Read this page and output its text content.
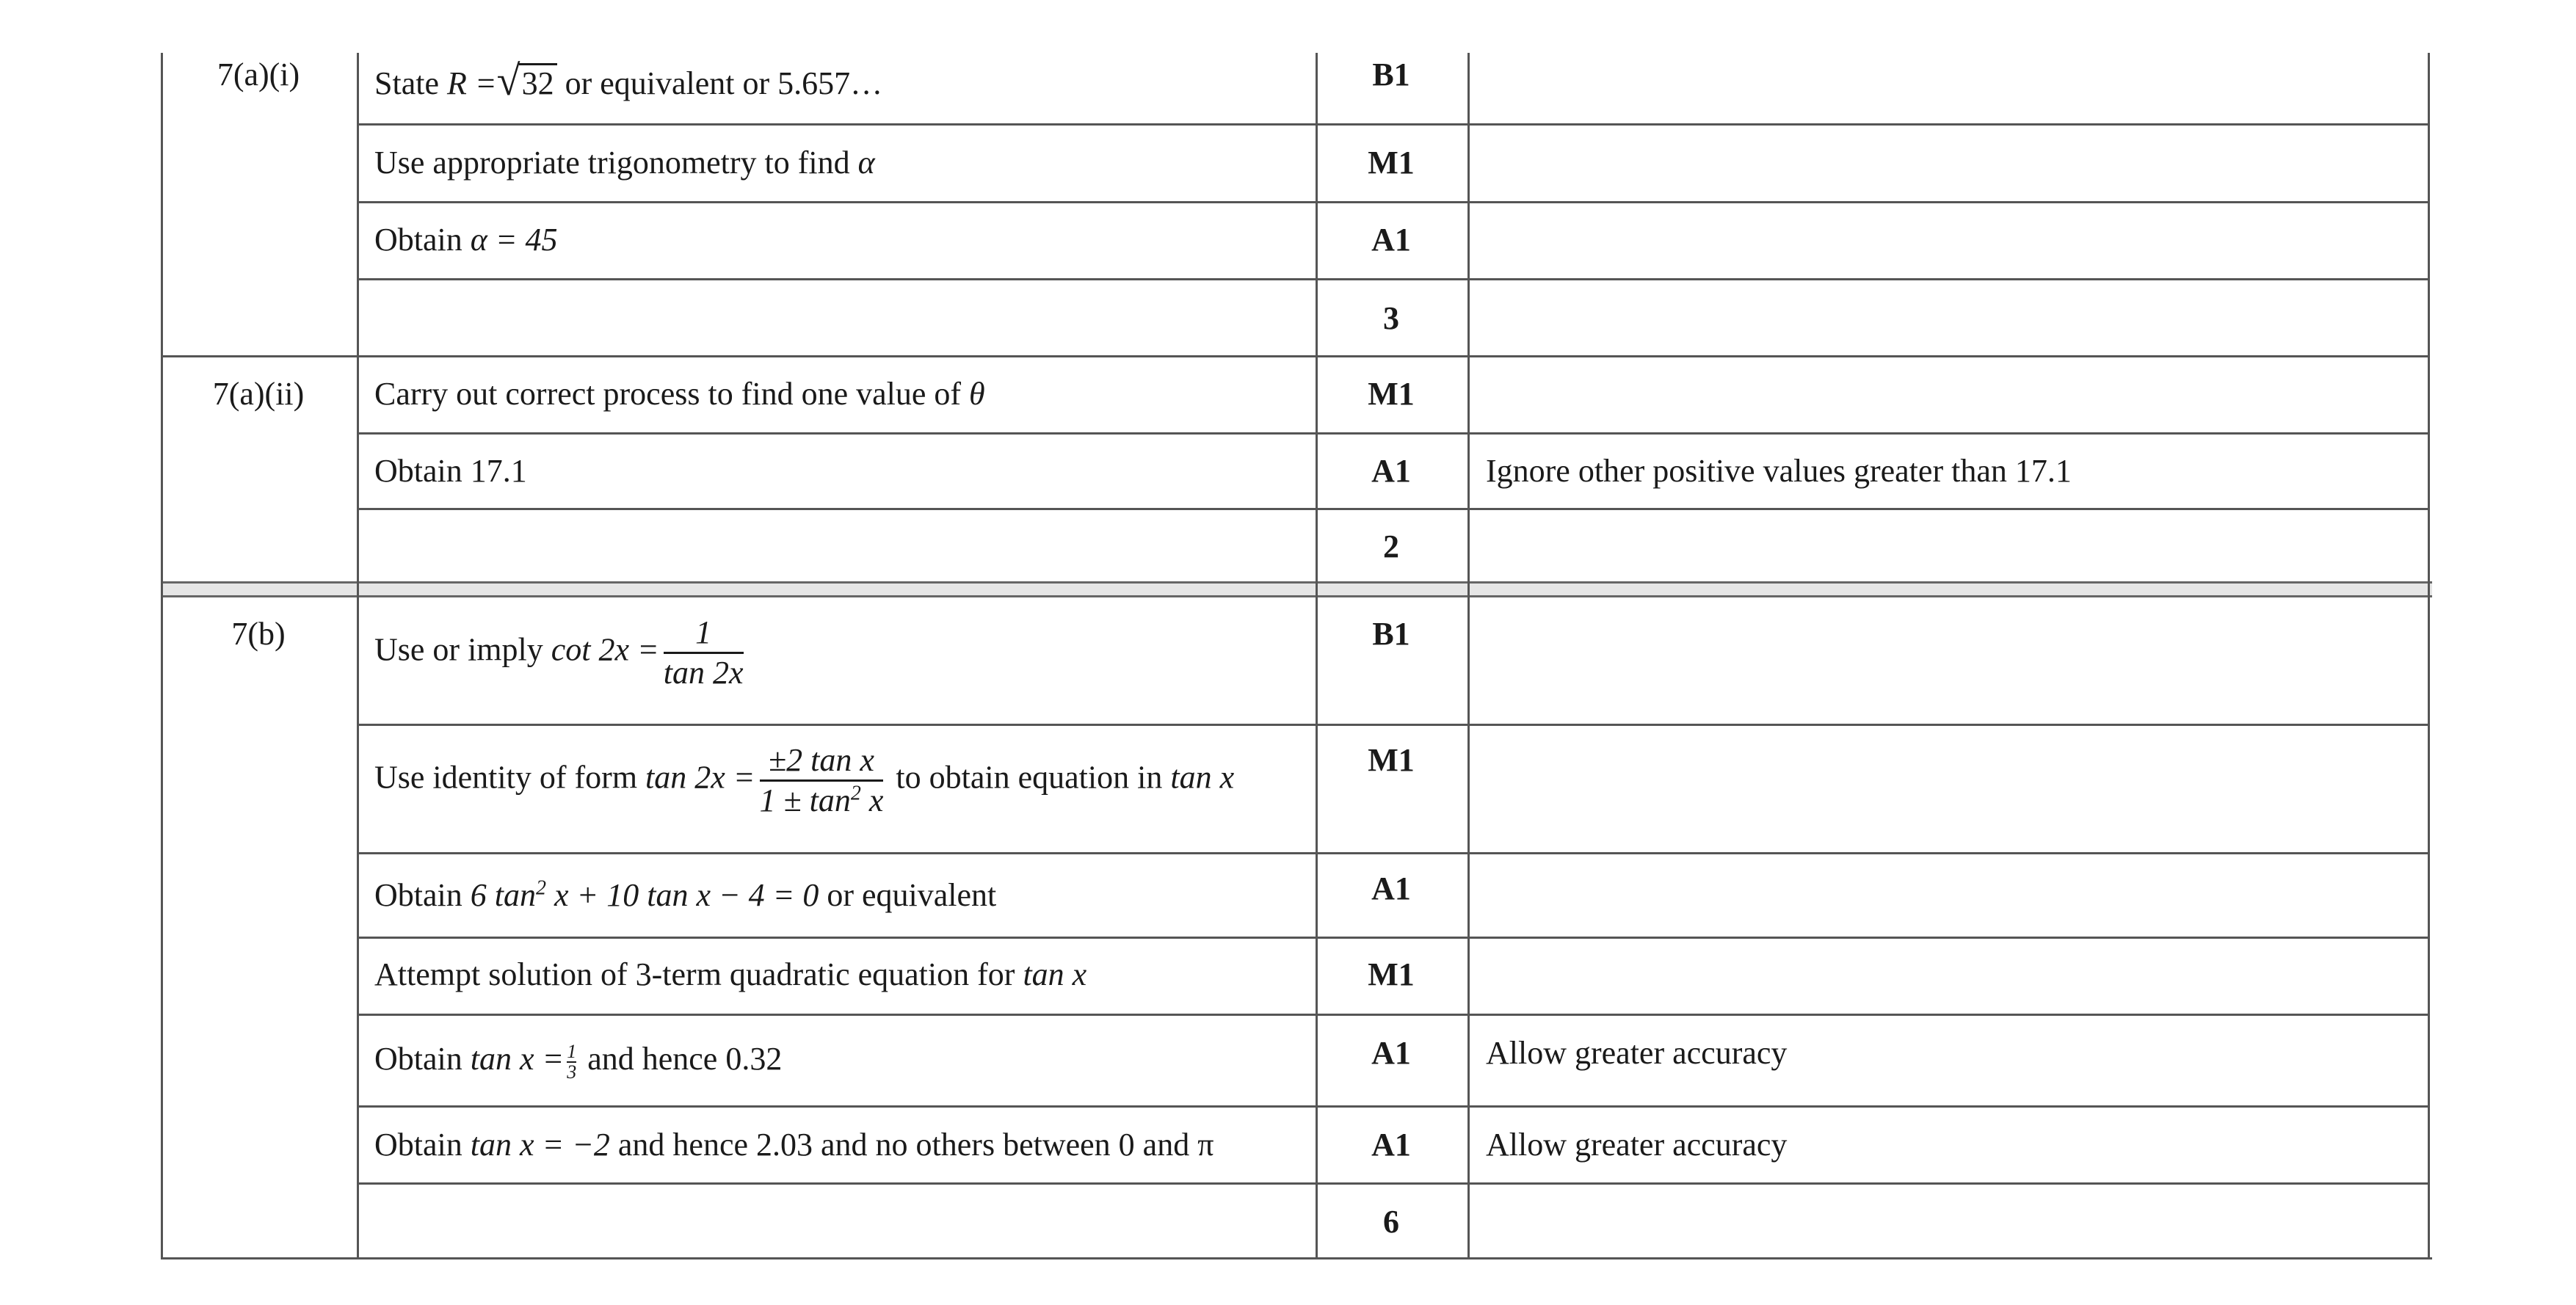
7(a)(i)	State R = √ 32 or equivalent or 5.657…	B1
Use appropriate trigonometry to find α	M1
Obtain α = 45	A1
3
7(a)(ii)	Carry out correct process to find one value of θ	M1
Obtain 17.1	A1	Ignore other positive values greater than 17.1
2
7(b)	Use or imply $\cot 2x = \frac{1}{\tan 2x}$	B1
Use identity of form $\tan 2x = \frac{\text{±2 tan x}}{1 \pm \tan^2 x}$ to obtain equation in tan x	M1
Obtain 6 $\tan^2 x + 10$ tan x − 4 = 0 or equivalent	A1
Attempt solution of 3-term quadratic equation for tan x	M1
Obtain $\tan x = \frac{1}{3}$ and hence 0.32	A1	Allow greater accuracy
Obtain tan x = −2 and hence 2.03 and no others between 0 and π	A1	Allow greater accuracy
6
